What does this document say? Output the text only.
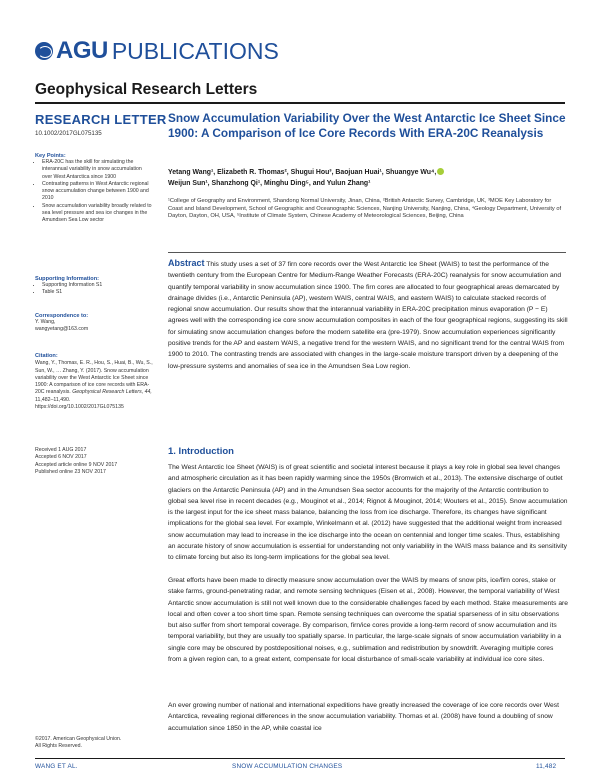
AGU PUBLICATIONS
Geophysical Research Letters
RESEARCH LETTER
10.1002/2017GL075135
Key Points:
• ERA-20C has the skill for simulating the interannual variability in snow accumulation over West Antarctica since 1900
• Contrasting patterns in West Antarctic regional snow accumulation change between 1900 and 2010
• Snow accumulation variability broadly related to sea level pressure and sea ice changes in the Amundsen Sea Low sector
Supporting Information:
• Supporting Information S1
• Table S1
Correspondence to:
Y. Wang,
wangyetang@163.com
Citation:
Wang, Y., Thomas, E. R., Hou, S., Huai, B., Wu, S., Sun, W., … Zhang, Y. (2017). Snow accumulation variability over the West Antarctic Ice Sheet since 1900: A comparison of ice core records with ERA-20C reanalysis. Geophysical Research Letters, 44, 11,482–11,490. https://doi.org/10.1002/2017GL075135
Received 1 AUG 2017
Accepted 6 NOV 2017
Accepted article online 9 NOV 2017
Published online 23 NOV 2017
©2017. American Geophysical Union.
All Rights Reserved.
Snow Accumulation Variability Over the West Antarctic Ice Sheet Since 1900: A Comparison of Ice Core Records With ERA-20C Reanalysis
Yetang Wang¹, Elizabeth R. Thomas², Shugui Hou³, Baojuan Huai¹, Shuangye Wu⁴,
Weijun Sun¹, Shanzhong Qi¹, Minghu Ding⁵, and Yulun Zhang¹
¹College of Geography and Environment, Shandong Normal University, Jinan, China, ²British Antarctic Survey, Cambridge, UK, ³MOE Key Laboratory for Coast and Island Development, School of Geographic and Oceanographic Sciences, Nanjing University, Nanjing, China, ⁴Geology Department, University of Dayton, Dayton, OH, USA, ⁵Institute of Climate System, Chinese Academy of Meteorological Sciences, Beijing, China
Abstract This study uses a set of 37 firn core records over the West Antarctic Ice Sheet (WAIS) to test the performance of the twentieth century from the European Centre for Medium-Range Weather Forecasts (ERA-20C) reanalysis for snow accumulation and quantify temporal variability in snow accumulation since 1900. The firn cores are allocated to four geographical areas demarcated by drainage divides (i.e., Antarctic Peninsula (AP), western WAIS, central WAIS, and eastern WAIS) to calculate stacked records of regional snow accumulation. Our results show that the interannual variability in ERA-20C precipitation minus evaporation (P − E) agrees well with the corresponding ice core snow accumulation composites in each of the four geographical regions, suggesting its skill for simulating snow accumulation changes before the modern satellite era (pre-1979). Snow accumulation experiences significantly positive trends for the AP and eastern WAIS, a negative trend for the western WAIS, and no significant trend for the central WAIS from 1900 to 2010. The contrasting trends are associated with changes in the large-scale moisture transport driven by a deepening of the low-pressure systems and anomalies of sea ice in the Amundsen Sea Low region.
1. Introduction
The West Antarctic Ice Sheet (WAIS) is of great scientific and societal interest because it plays a key role in global sea level changes and atmospheric circulation as it has been rapidly warming since the 1950s (Bromwich et al., 2013). The extensive discharge of outlet glaciers on the Antarctic Peninsula (AP) and in the Amundsen Sea sector accounts for the majority of the Antarctic contribution to global sea level rise in recent decades (e.g., Mouginot et al., 2014; Rignot & Mouginot, 2014; Wouters et al., 2015). Snow accumulation is the largest input for the ice sheet mass balance, balancing the loss from ice discharge. Therefore, its changes have significant implications for the global sea level. For example, Winkelmann et al. (2012) have suggested that the additional weight from increased snow accumulation may lead to increase in the ice discharge into the ocean on centennial and longer time scales. Thus, establishing an accurate history of snow accumulation is essential for understanding not only variability in the WAIS mass balance and its sensitivity to climate forcing but also its long-term implications for the global sea level.
Great efforts have been made to directly measure snow accumulation over the WAIS by means of snow pits, ice/firn cores, stake or stake farms, ground-penetrating radar, and remote sensing techniques (Eisen et al., 2008). However, the temporal variability of West Antarctic snow accumulation is still not well known due to the considerable challenges faced by each method. Stake measurements are local and often cover a too short time span. Remote sensing techniques can overcome the spatial sparseness of in situ observations but also suffer from short temporal coverage. By comparison, firn/ice cores provide a long-term record of snow accumulation and its temporal variability, but they are usually too spatially sparse. In particular, the large-scale signals of snow accumulation variability in a single core may be obscured by postdepositional noises, e.g., sublimation and redistribution by snowdrift. Averaging multiple cores from a given region can, to a great extent, compensate for local disturbance of small-scale variability at individual ice core sites.
An ever growing number of national and international expeditions have greatly increased the coverage of ice core records over West Antarctica, revealing regional differences in the snow accumulation variability. Thomas et al. (2008) have found a doubling of snow accumulation since 1850 in the AP, while coastal ice
WANG ET AL.	SNOW ACCUMULATION CHANGES	11,482
